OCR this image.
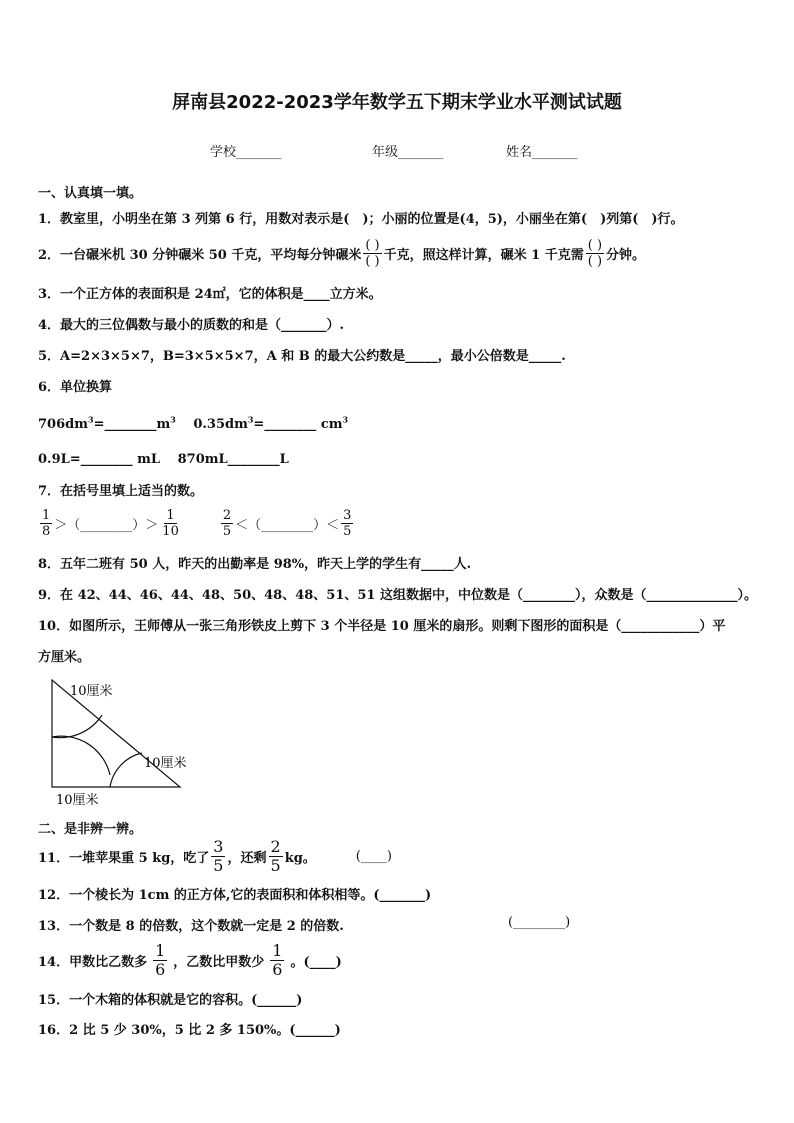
屏南县2022-2023学年数学五下期末学业水平测试试题
学校_______	年级_______	姓名_______
一、认真填一填。
1．教室里，小明坐在第 3 列第 6 行，用数对表示是(　)；小丽的位置是(4，5)，小丽坐在第(　)列第(　)行。
2．一台碾米机 30 分钟碾米 50 千克，平均每分钟碾米 $\frac{( )}{( )}$ 千克，照这样计算，碾米 1 千克需 $\frac{( )}{( )}$ 分钟。
3．一个正方体的表面积是 24㎡，它的体积是____立方米。
4．最大的三位偶数与最小的质数的和是（_______）.
5．A=2×3×5×7，B=3×5×5×7，A 和 B 的最大公约数是_____，最小公倍数是_____.
6．单位换算
$706dm^3=\_\_\_\_\_\_\_\_m^3$　 $0.35dm^3=\_\_\_\_\_\_\_\_$ $cm^3$
0.9L=________ mL　 870mL________L
7．在括号里填上适当的数。
$\frac{1}{8}$ ＞（________）＞ $\frac{1}{10}$	$\frac{2}{5}$ ＜（________）＜ $\frac{3}{5}$
8．五年二班有 50 人，昨天的出勤率是 98%，昨天上学的学生有_____人.
9．在 42、44、46、44、48、50、48、48、51、51 这组数据中，中位数是（________），众数是（______________）。
10．如图所示，王师傅从一张三角形铁皮上剪下 3 个半径是 10 厘米的扇形。则剩下图形的面积是（____________）平
方厘米。
10厘米
10厘米
10厘米
二、是非辨一辨。
11．一堆苹果重 5 kg，吃了 $\frac{3}{5}$ ，还剩 $\frac{2}{5}$ kg。	(____)
12．一个棱长为 1cm 的正方体,它的表面积和体积相等。(_______)
13．一个数是 8 的倍数，这个数就一定是 2 的倍数.	(________)
14．甲数比乙数多 $\frac{1}{6}$ ，乙数比甲数少 $\frac{1}{6}$ 。(____)
15．一个木箱的体积就是它的容积。(______)
16．2 比 5 少 30%，5 比 2 多 150%。(______)
